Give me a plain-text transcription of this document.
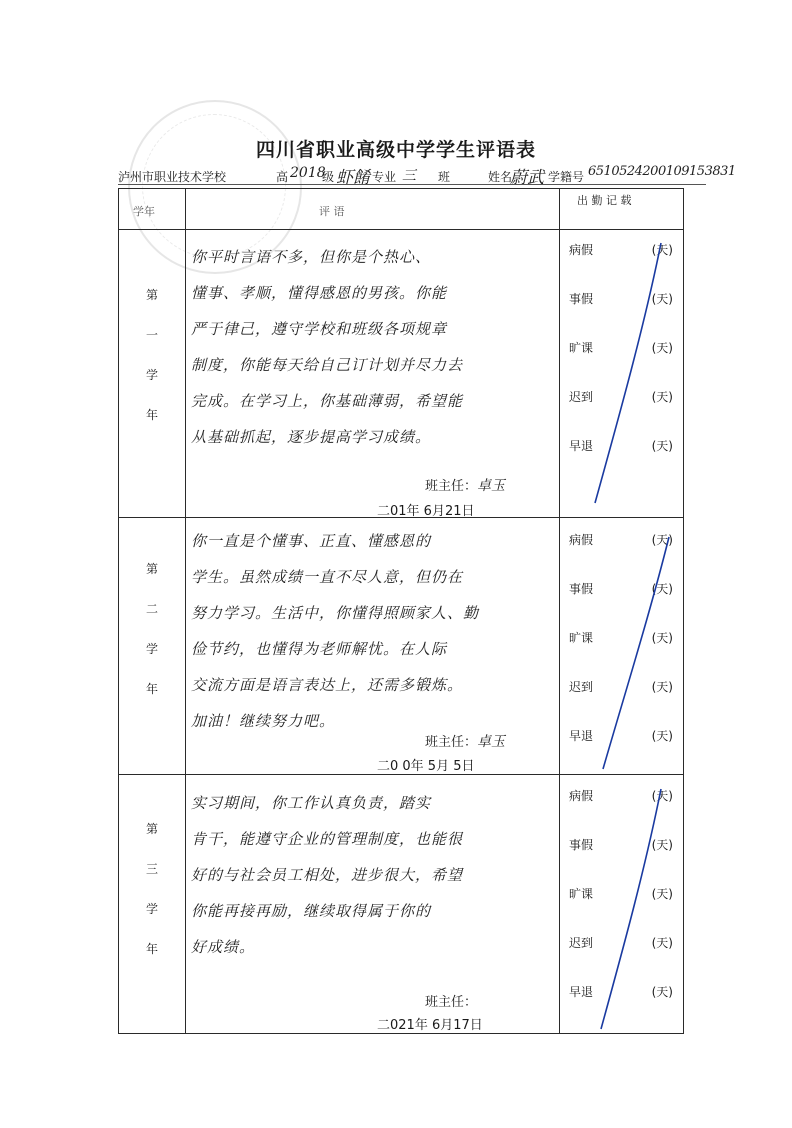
四川省职业高级中学学生评语表
泸州市职业技术学校	高 2018
级 虾餚 专业 三 班	姓名
蔚武 学籍号 6510524200109153831
学年	评 语
出 勤 记 载
第
一
学
年
你平时言语不多，但你是个热心、
懂事、孝顺，懂得感恩的男孩。你能
严于律己，遵守学校和班级各项规章
制度，你能每天给自己订计划并尽力去
完成。在学习上，你基础薄弱，希望能
从基础抓起，逐步提高学习成绩。
班主任：卓玉
二01年 6月21日
病假	(天)
事假	(天)
旷课	(天)
迟到	(天)
早退	(天)
第
二
学
年
你一直是个懂事、正直、懂感恩的
学生。虽然成绩一直不尽人意，但仍在
努力学习。生活中，你懂得照顾家人、勤
俭节约，也懂得为老师解忧。在人际
交流方面是语言表达上，还需多锻炼。
加油！继续努力吧。
班主任：卓玉
二0 0年 5月 5日
病假	(天)
事假	(天)
旷课	(天)
迟到	(天)
早退	(天)
第
三
学
年
实习期间，你工作认真负责，踏实
肯干，能遵守企业的管理制度，也能很
好的与社会员工相处，进步很大，希望
你能再接再励，继续取得属于你的
好成绩。
班主任：
二021年 6月17日
病假	(天)
事假	(天)
旷课	(天)
迟到	(天)
早退	(天)
